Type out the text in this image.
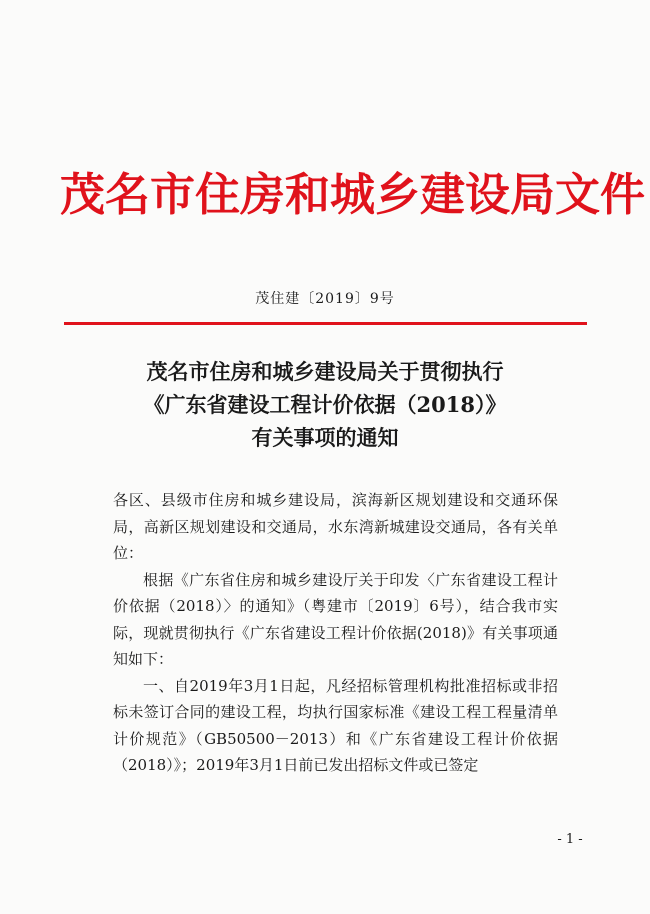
茂名市住房和城乡建设局文件
茂住建〔2019〕9号
茂名市住房和城乡建设局关于贯彻执行
《广东省建设工程计价依据（2018）》
有关事项的通知

各区、县级市住房和城乡建设局，滨海新区规划建设和交通环保局，高新区规划建设和交通局，水东湾新城建设交通局，各有关单位：

根据《广东省住房和城乡建设厅关于印发〈广东省建设工程计价依据（2018）〉的通知》（粤建市〔2019〕6号），结合我市实际，现就贯彻执行《广东省建设工程计价依据(2018)》有关事项通知如下：

一、自2019年3月1日起，凡经招标管理机构批准招标或非招标未签订合同的建设工程，均执行国家标准《建设工程工程量清单计价规范》（GB50500－2013）和《广东省建设工程计价依据（2018）》；2019年3月1日前已发出招标文件或已签定

- 1 -
